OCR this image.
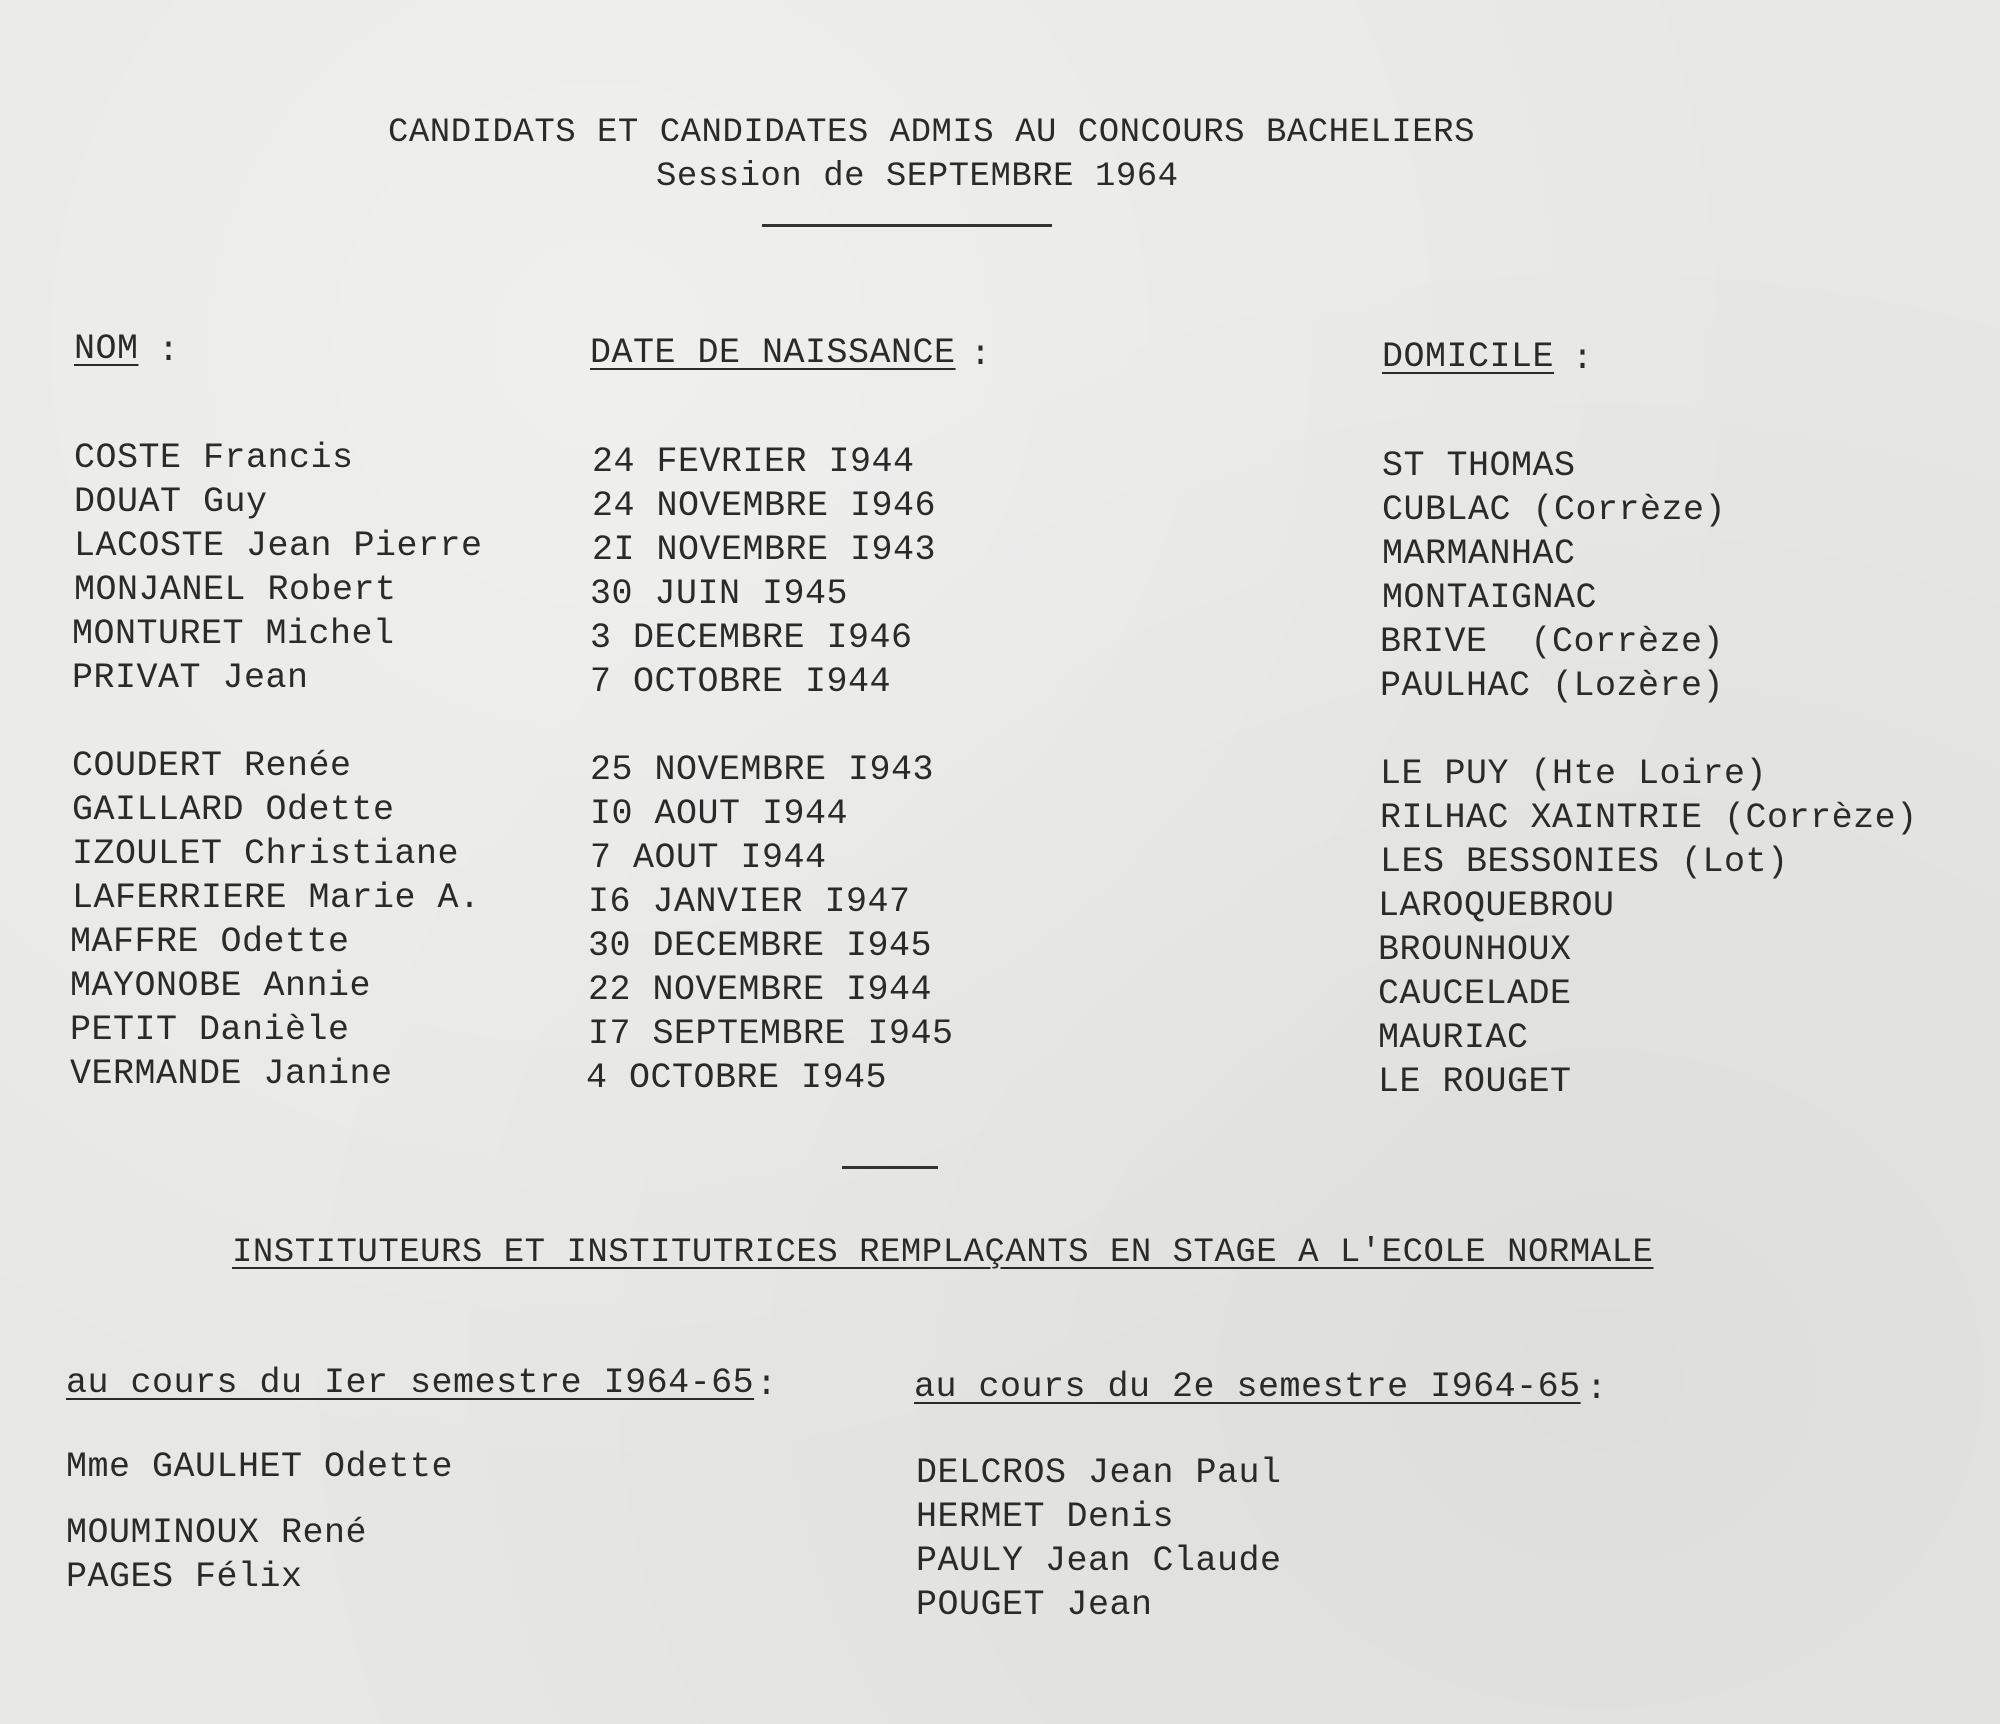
CANDIDATS ET CANDIDATES ADMIS AU CONCOURS BACHELIERS
Session de SEPTEMBRE 1964
NOM :	DATE DE NAISSANCE :	DOMICILE :
COSTE Francis	24 FEVRIER I944	ST THOMAS
DOUAT Guy	24 NOVEMBRE I946	CUBLAC (Corrèze)
LACOSTE Jean Pierre	2I NOVEMBRE I943	MARMANHAC
MONJANEL Robert	30 JUIN I945	MONTAIGNAC
MONTURET Michel	3 DECEMBRE I946	BRIVE  (Corrèze)
PRIVAT Jean	7 OCTOBRE I944	PAULHAC (Lozère)
COUDERT Renée	25 NOVEMBRE I943	LE PUY (Hte Loire)
GAILLARD Odette	I0 AOUT I944	RILHAC XAINTRIE (Corrèze)
IZOULET Christiane	7 AOUT I944	LES BESSONIES (Lot)
LAFERRIERE Marie A.	I6 JANVIER I947	LAROQUEBROU
MAFFRE Odette	30 DECEMBRE I945	BROUNHOUX
MAYONOBE Annie	22 NOVEMBRE I944	CAUCELADE
PETIT Danièle	I7 SEPTEMBRE I945	MAURIAC
VERMANDE Janine	4 OCTOBRE I945	LE ROUGET
INSTITUTEURS ET INSTITUTRICES REMPLAÇANTS EN STAGE A L'ECOLE NORMALE
au cours du Ier semestre I964-65 :	au cours du 2e semestre I964-65 :
Mme GAULHET Odette
MOUMINOUX René
PAGES Félix
DELCROS Jean Paul
HERMET Denis
PAULY Jean Claude
POUGET Jean
